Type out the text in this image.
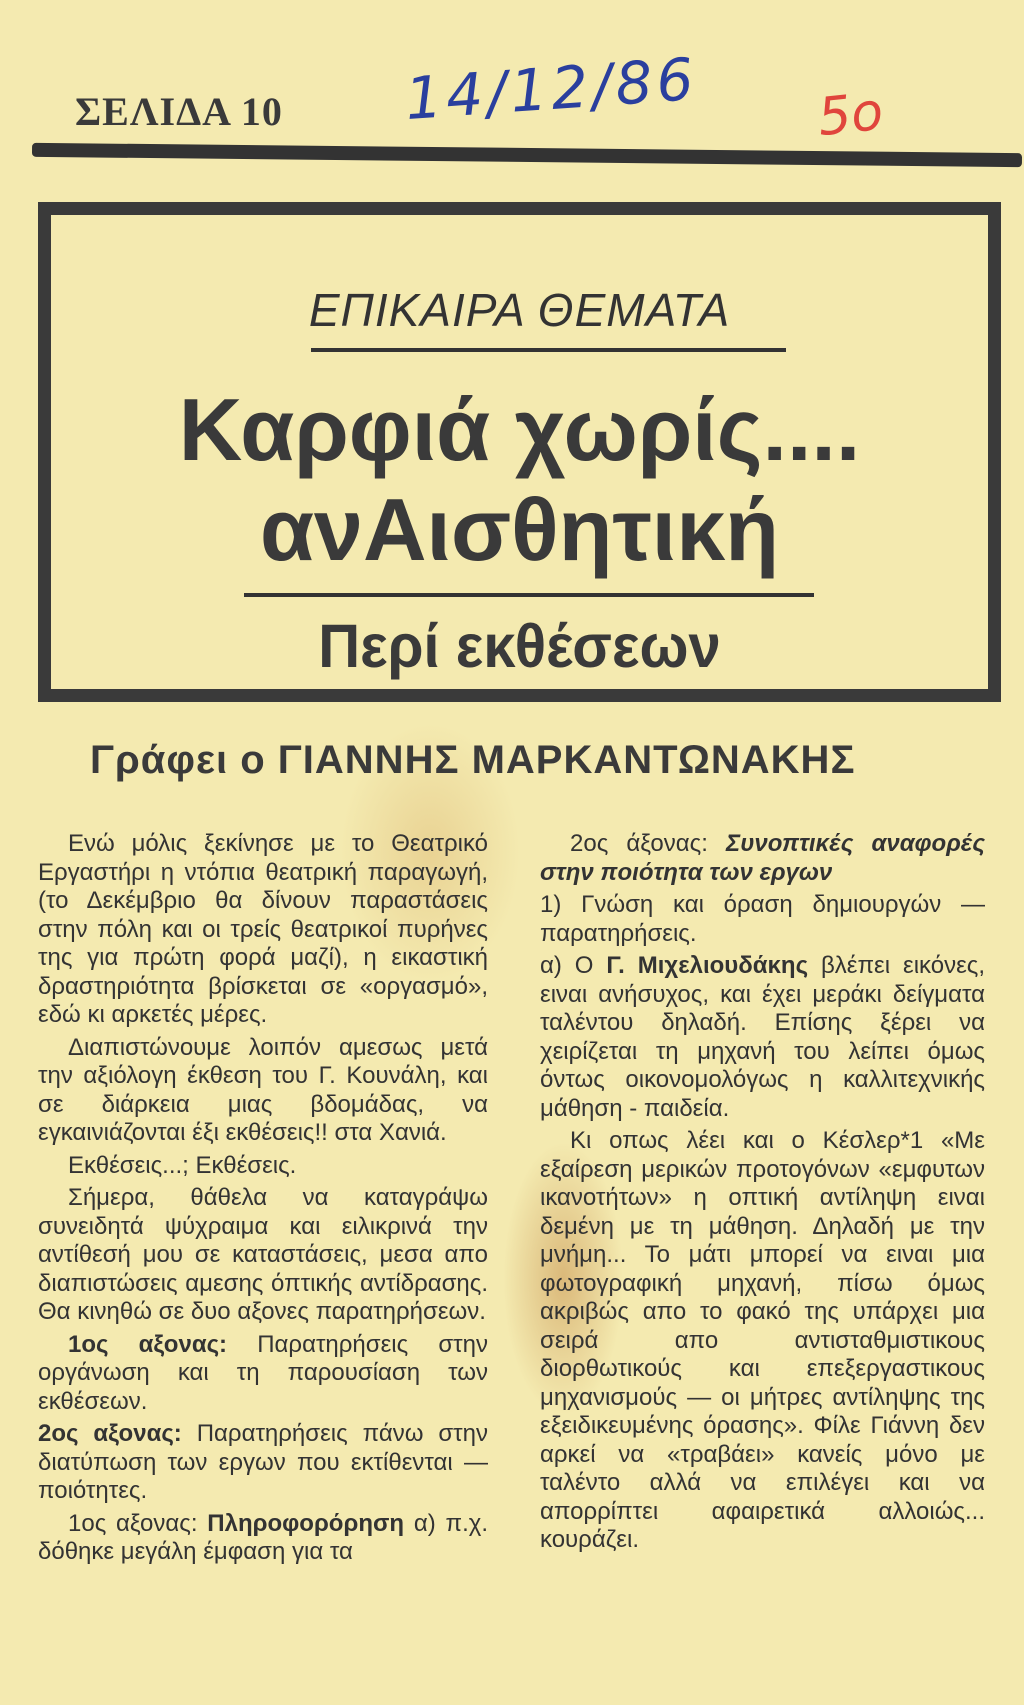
ΣΕΛΙΔΑ 10 14/12/86 5ο
ΕΠΙΚΑΙΡΑ ΘΕΜΑΤΑ
Καρφιά χωρίς....
ανΑισθητική
Περί εκθέσεων
Γράφει ο ΓΙΑΝΝΗΣ ΜΑΡΚΑΝΤΩΝΑΚΗΣ

Ενώ μόλις ξεκίνησε με το Θεατρικό Εργαστήρι η ντόπια θεατρική παραγωγή, (το Δεκέμβριο θα δίνουν παραστάσεις στην πόλη και οι τρείς θεατρικοί πυρήνες της για πρώτη φορά μαζί), η εικαστική δραστηριότητα βρίσκεται σε «οργασμό», εδώ κι αρκετές μέρες.

Διαπιστώνουμε λοιπόν αμεσως μετά την αξιόλογη έκθεση του Γ. Κουνάλη, και σε διάρκεια μιας βδομάδας, να εγκαινιάζονται έξι εκθέσεις!! στα Χανιά.

Εκθέσεις...; Εκθέσεις.

Σήμερα, θάθελα να καταγράψω συνειδητά ψύχραιμα και ειλικρινά την αντίθεσή μου σε καταστάσεις, μεσα απο διαπιστώσεις αμεσης όπτικής αντίδρασης. Θα κινηθώ σε δυο αξονες παρατηρήσεων.

1ος αξονας: Παρατηρήσεις στην οργάνωση και τη παρουσίαση των εκθέσεων.

2ος αξονας: Παρατηρήσεις πάνω στην διατύπωση των εργων που εκτίθενται — ποιότητες.

1ος αξονας: Πληροφορόρηση α) π.χ. δόθηκε μεγάλη έμφαση για τα

2ος άξονας: Συνοπτικές αναφορές στην ποιότητα των εργων

1) Γνώση και όραση δημιουργών — παρατηρήσεις.

α) Ο Γ. Μιχελιουδάκης βλέπει εικόνες, ειναι ανήσυχος, και έχει μεράκι δείγματα ταλέντου δηλαδή. Επίσης ξέρει να χειρίζεται τη μηχανή του λείπει όμως όντως οικονομολόγως η καλλιτεχνικής μάθηση - παιδεία.

Κι οπως λέει και ο Κέσλερ*1 «Με εξαίρεση μερικών προτογόνων «εμφυτων ικανοτήτων» η οπτική αντίληψη ειναι δεμένη με τη μάθηση. Δηλαδή με την μνήμη... Το μάτι μπορεί να ειναι μια φωτογραφική μηχανή, πίσω όμως ακριβώς απο το φακό της υπάρχει μια σειρά απο αντισταθμιστικους διορθωτικούς και επεξεργαστικους μηχανισμούς — οι μήτρες αντίληψης της εξειδικευμένης όρασης». Φίλε Γιάννη δεν αρκεί να «τραβάει» κανείς μόνο με ταλέντο αλλά να επιλέγει και να απορρίπτει αφαιρετικά αλλοιώς... κουράζει.
